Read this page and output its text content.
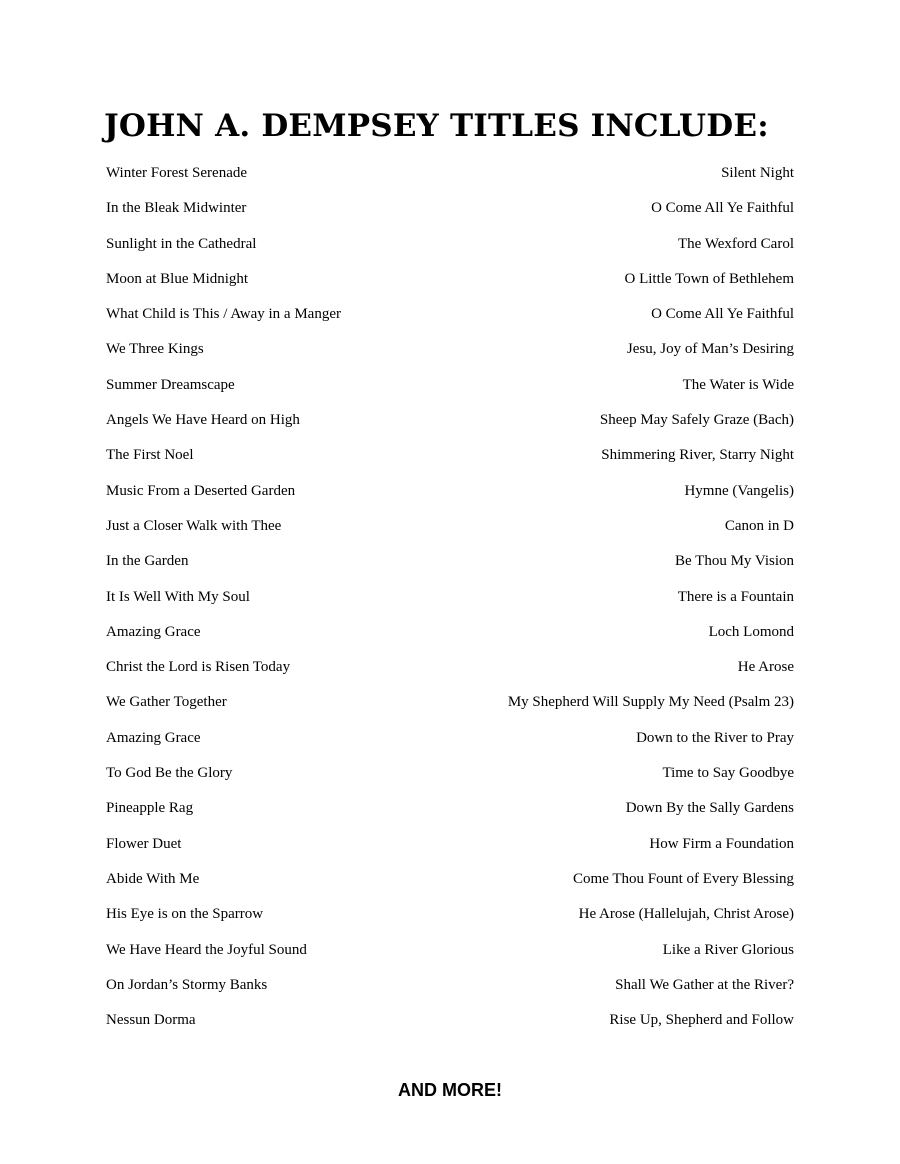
JOHN A. DEMPSEY TITLES INCLUDE:
Winter Forest Serenade	Silent Night
In the Bleak Midwinter	O Come All Ye Faithful
Sunlight in the Cathedral	The Wexford Carol
Moon at Blue Midnight	O Little Town of Bethlehem
What Child is This / Away in a Manger	O Come All Ye Faithful
We Three Kings	Jesu, Joy of Man’s Desiring
Summer Dreamscape	The Water is Wide
Angels We Have Heard on High	Sheep May Safely Graze (Bach)
The First Noel	Shimmering River, Starry Night
Music From a Deserted Garden	Hymne (Vangelis)
Just a Closer Walk with Thee	Canon in D
In the Garden	Be Thou My Vision
It Is Well With My Soul	There is a Fountain
Amazing Grace	Loch Lomond
Christ the Lord is Risen Today	He Arose
We Gather Together	My Shepherd Will Supply My Need (Psalm 23)
Amazing Grace	Down to the River to Pray
To God Be the Glory	Time to Say Goodbye
Pineapple Rag	Down By the Sally Gardens
Flower Duet	How Firm a Foundation
Abide With Me	Come Thou Fount of Every Blessing
His Eye is on the Sparrow	He Arose (Hallelujah, Christ Arose)
We Have Heard the Joyful Sound	Like a River Glorious
On Jordan’s Stormy Banks	Shall We Gather at the River?
Nessun Dorma	Rise Up, Shepherd and Follow
AND MORE!
